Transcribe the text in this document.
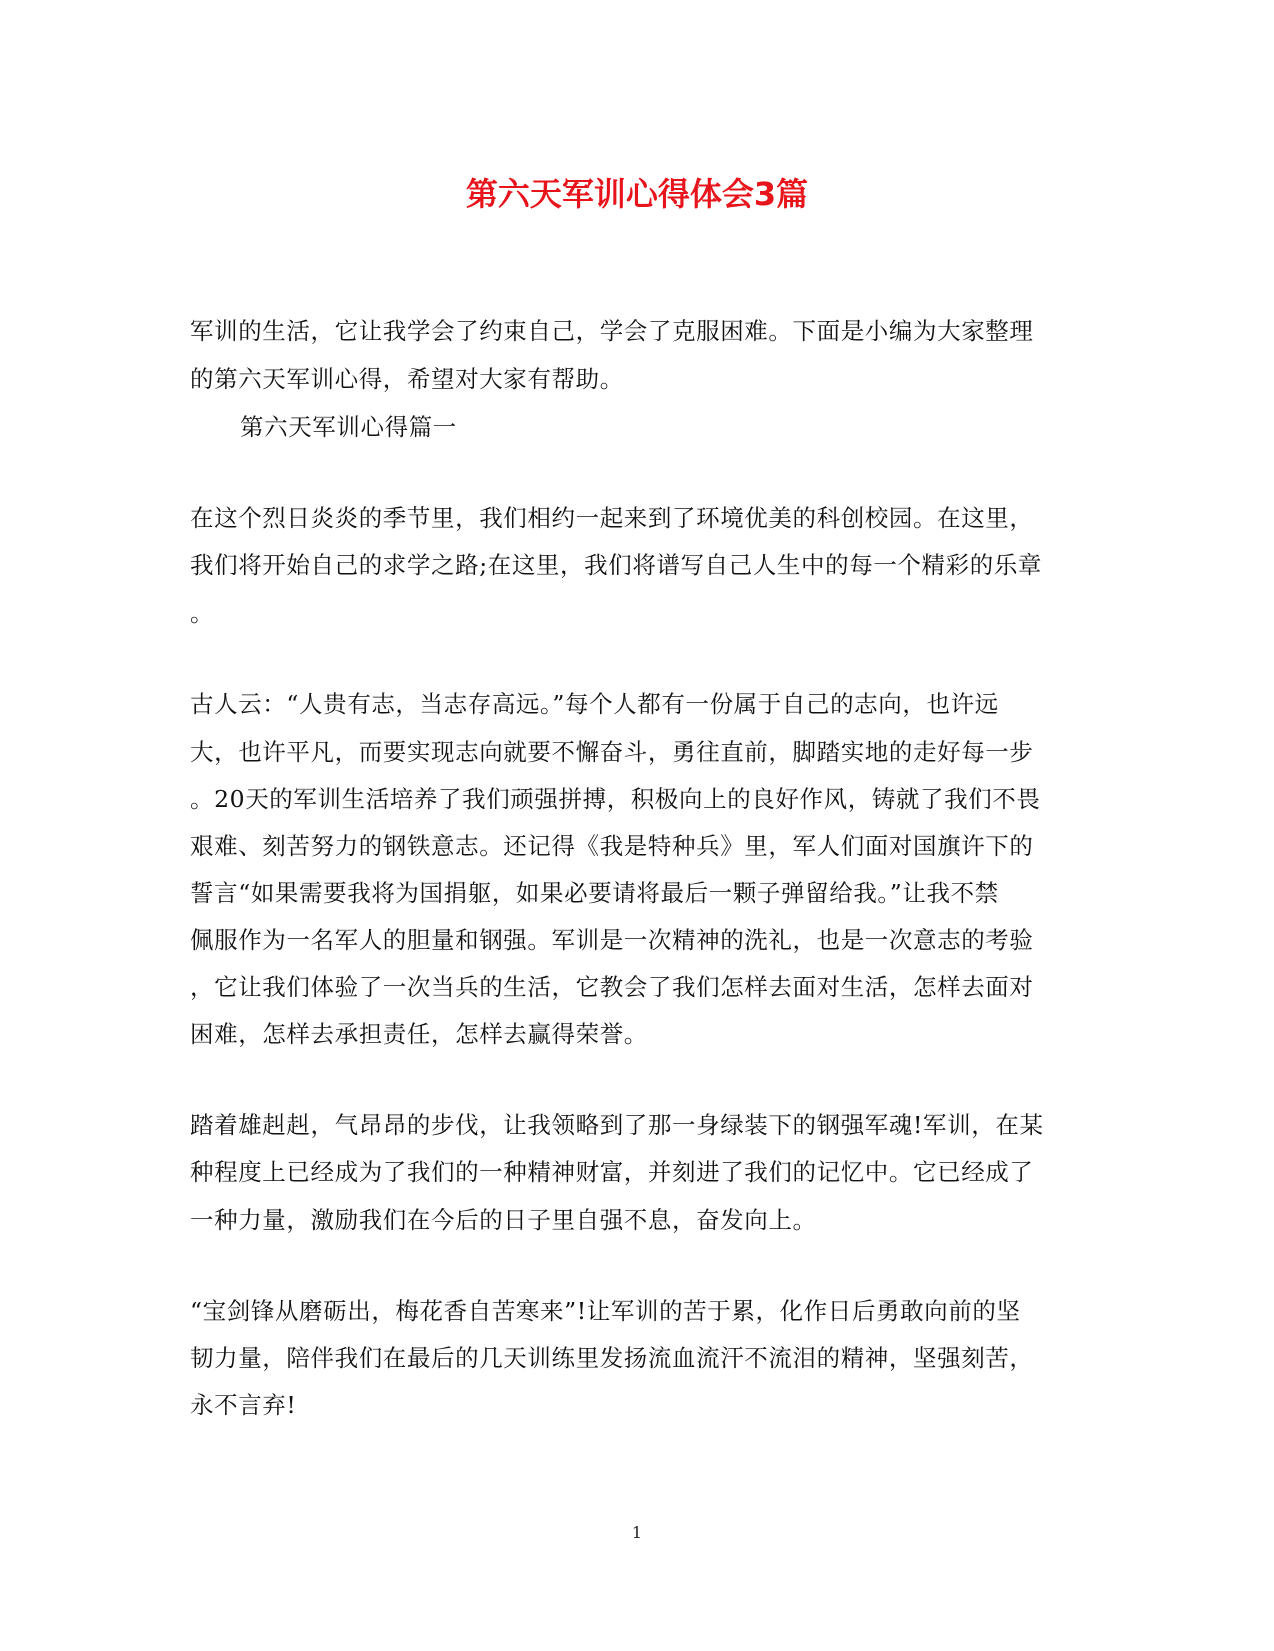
第六天军训心得体会3篇

军训的生活，它让我学会了约束自己，学会了克服困难。下面是小编为大家整理

的第六天军训心得，希望对大家有帮助。

第六天军训心得篇一

在这个烈日炎炎的季节里，我们相约一起来到了环境优美的科创校园。在这里，

我们将开始自己的求学之路;在这里，我们将谱写自己人生中的每一个精彩的乐章

。

古人云：“人贵有志，当志存高远。”每个人都有一份属于自己的志向，也许远

大，也许平凡，而要实现志向就要不懈奋斗，勇往直前，脚踏实地的走好每一步

。20天的军训生活培养了我们顽强拼搏，积极向上的良好作风，铸就了我们不畏

艰难、刻苦努力的钢铁意志。还记得《我是特种兵》里，军人们面对国旗许下的

誓言“如果需要我将为国捐躯，如果必要请将最后一颗子弹留给我。”让我不禁

佩服作为一名军人的胆量和钢强。军训是一次精神的洗礼，也是一次意志的考验

，它让我们体验了一次当兵的生活，它教会了我们怎样去面对生活，怎样去面对

困难，怎样去承担责任，怎样去赢得荣誉。

踏着雄赳赳，气昂昂的步伐，让我领略到了那一身绿装下的钢强军魂!军训，在某

种程度上已经成为了我们的一种精神财富，并刻进了我们的记忆中。它已经成了

一种力量，激励我们在今后的日子里自强不息，奋发向上。

“宝剑锋从磨砺出，梅花香自苦寒来”!让军训的苦于累，化作日后勇敢向前的坚

韧力量，陪伴我们在最后的几天训练里发扬流血流汗不流泪的精神，坚强刻苦，

永不言弃!

1
